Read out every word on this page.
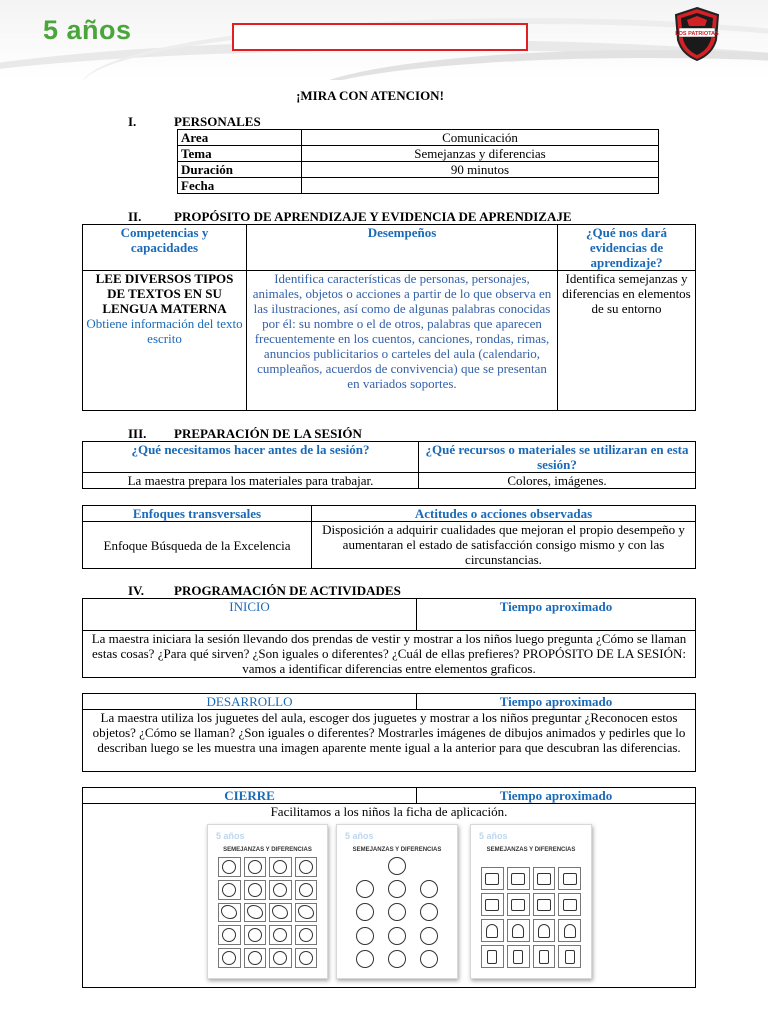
5 años	LOS PATRIOTAS
¡MIRA CON ATENCION!
I.	PERSONALES
Area	Comunicación
Tema	Semejanzas y diferencias
Duración	90 minutos
Fecha	
II.	PROPÓSITO DE APRENDIZAJE Y EVIDENCIA DE APRENDIZAJE
Competencias y capacidades	Desempeños	¿Qué nos dará evidencias de aprendizaje?

LEE DIVERSOS TIPOS DE TEXTOS EN SU LENGUA MATERNA
Obtiene información del texto escrito	Identifica características de personas, personajes, animales, objetos o acciones a partir de lo que observa en las ilustraciones, así como de algunas palabras conocidas por él: su nombre o el de otros, palabras que aparecen frecuentemente en los cuentos, canciones, rondas, rimas, anuncios publicitarios o carteles del aula (calendario, cumpleaños, acuerdos de convivencia) que se presentan en variados soportes.	Identifica semejanzas y diferencias en elementos de su entorno
III. PREPARACIÓN DE LA SESIÓN
¿Qué necesitamos hacer antes de la sesión?	¿Qué recursos o materiales se utilizaran en esta sesión?
La maestra prepara los materiales para trabajar.	Colores, imágenes.
Enfoques transversales	Actitudes o acciones observadas
Enfoque Búsqueda de la Excelencia	Disposición a adquirir cualidades que mejoran el propio desempeño y aumentaran el estado de satisfacción consigo mismo y con las circunstancias.
IV. PROGRAMACIÓN DE ACTIVIDADES
INICIO	Tiempo aproximado
La maestra iniciara la sesión llevando dos prendas de vestir y mostrar a los niños luego pregunta ¿Cómo se llaman estas cosas? ¿Para qué sirven? ¿Son iguales o diferentes? ¿Cuál de ellas prefieres? PROPÓSITO DE LA SESIÓN: vamos a identificar diferencias entre elementos graficos.
DESARROLLO	Tiempo aproximado
La maestra utiliza los juguetes del aula, escoger dos juguetes y mostrar a los niños preguntar ¿Reconocen estos objetos? ¿Cómo se llaman? ¿Son iguales o diferentes? Mostrarles imágenes de dibujos animados y pedirles que lo describan luego se les muestra una imagen aparente mente igual a la anterior para que descubran las diferencias.
CIERRE	Tiempo aproximado
Facilitamos a los niños la ficha de aplicación.
5 años
SEMEJANZAS Y DIFERENCIAS
5 años
SEMEJANZAS Y DIFERENCIAS
5 años
SEMEJANZAS Y DIFERENCIAS
